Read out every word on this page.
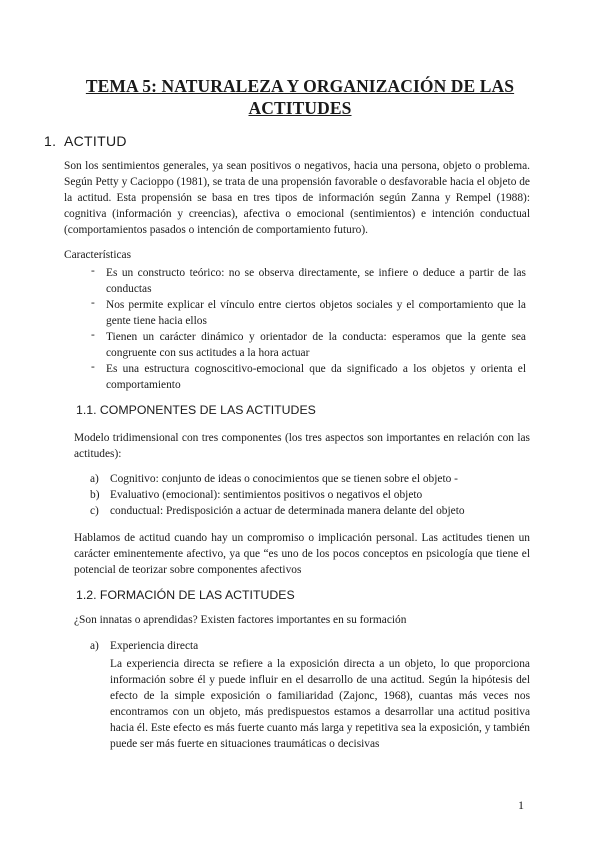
TEMA 5: NATURALEZA Y ORGANIZACIÓN DE LAS
ACTITUDES
1. ACTITUD
Son los sentimientos generales, ya sean positivos o negativos, hacia una persona, objeto o problema. Según Petty y Cacioppo (1981), se trata de una propensión favorable o desfavorable hacia el objeto de la actitud. Esta propensión se basa en tres tipos de información según Zanna y Rempel (1988): cognitiva (información y creencias), afectiva o emocional (sentimientos) e intención conductual (comportamientos pasados o intención de comportamiento futuro).
Características
- Es un constructo teórico: no se observa directamente, se infiere o deduce a partir de las conductas
- Nos permite explicar el vínculo entre ciertos objetos sociales y el comportamiento que la gente tiene hacia ellos
- Tienen un carácter dinámico y orientador de la conducta: esperamos que la gente sea congruente con sus actitudes a la hora actuar
- Es una estructura cognoscitivo-emocional que da significado a los objetos y orienta el comportamiento
1.1. COMPONENTES DE LAS ACTITUDES
Modelo tridimensional con tres componentes (los tres aspectos son importantes en relación con las actitudes):
a) Cognitivo: conjunto de ideas o conocimientos que se tienen sobre el objeto -
b) Evaluativo (emocional): sentimientos positivos o negativos el objeto
c) conductual: Predisposición a actuar de determinada manera delante del objeto
Hablamos de actitud cuando hay un compromiso o implicación personal. Las actitudes tienen un carácter eminentemente afectivo, ya que “es uno de los pocos conceptos en psicología que tiene el potencial de teorizar sobre componentes afectivos
1.2. FORMACIÓN DE LAS ACTITUDES
¿Son innatas o aprendidas? Existen factores importantes en su formación
a) Experiencia directa
La experiencia directa se refiere a la exposición directa a un objeto, lo que proporciona información sobre él y puede influir en el desarrollo de una actitud. Según la hipótesis del efecto de la simple exposición o familiaridad (Zajonc, 1968), cuantas más veces nos encontramos con un objeto, más predispuestos estamos a desarrollar una actitud positiva hacia él. Este efecto es más fuerte cuanto más larga y repetitiva sea la exposición, y también puede ser más fuerte en situaciones traumáticas o decisivas
1
